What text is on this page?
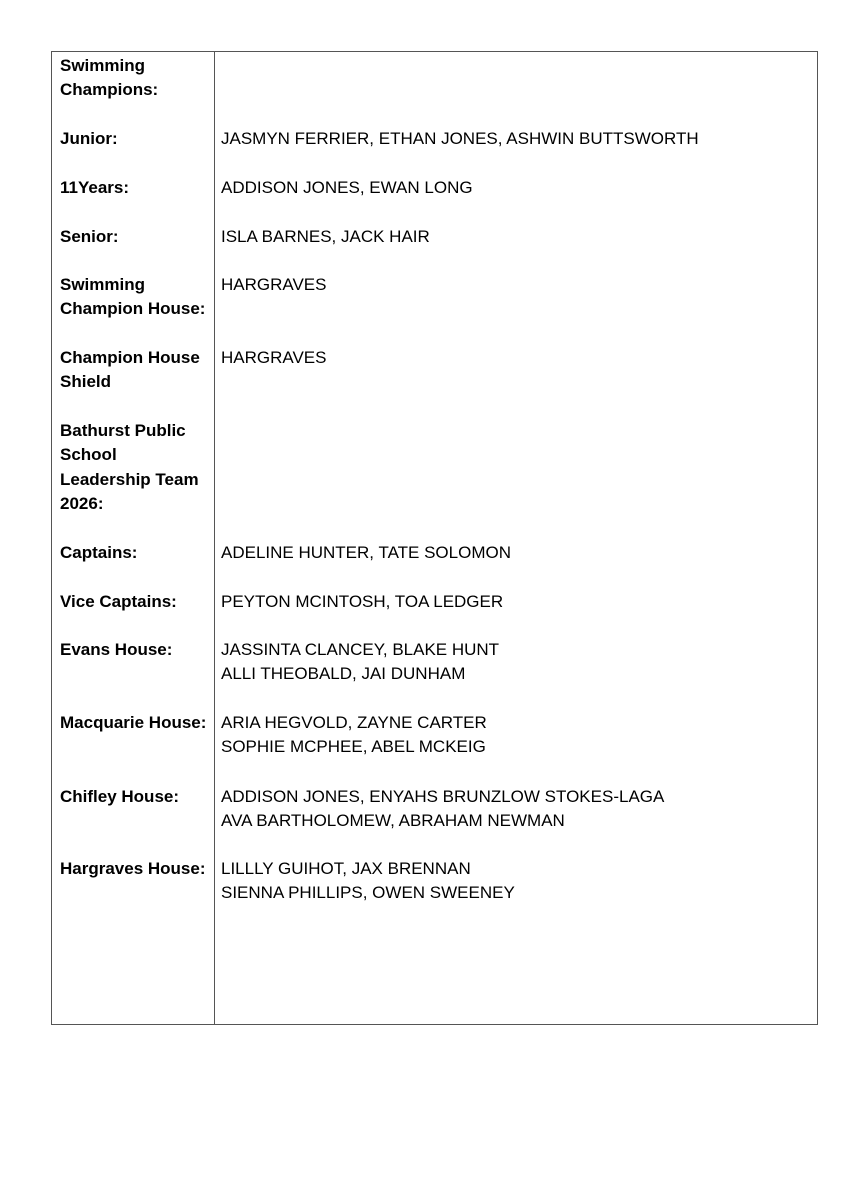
Swimming Champions:
Junior:
11Years:
Senior:
Swimming Champion House:
Champion House Shield
Bathurst Public School Leadership Team 2026:
Captains:
Vice Captains:
Evans House:
Macquarie House:
Chifley House:
Hargraves House:
JASMYN FERRIER, ETHAN JONES, ASHWIN BUTTSWORTH
ADDISON JONES, EWAN LONG
ISLA BARNES, JACK HAIR
HARGRAVES
HARGRAVES
ADELINE HUNTER, TATE SOLOMON
PEYTON MCINTOSH, TOA LEDGER
JASSINTA CLANCEY, BLAKE HUNT
ALLI THEOBALD, JAI DUNHAM
ARIA HEGVOLD, ZAYNE CARTER
SOPHIE MCPHEE, ABEL MCKEIG
ADDISON JONES, ENYAHS BRUNZLOW STOKES-LAGA
AVA BARTHOLOMEW, ABRAHAM NEWMAN
LILLLY GUIHOT, JAX BRENNAN
SIENNA PHILLIPS, OWEN SWEENEY
